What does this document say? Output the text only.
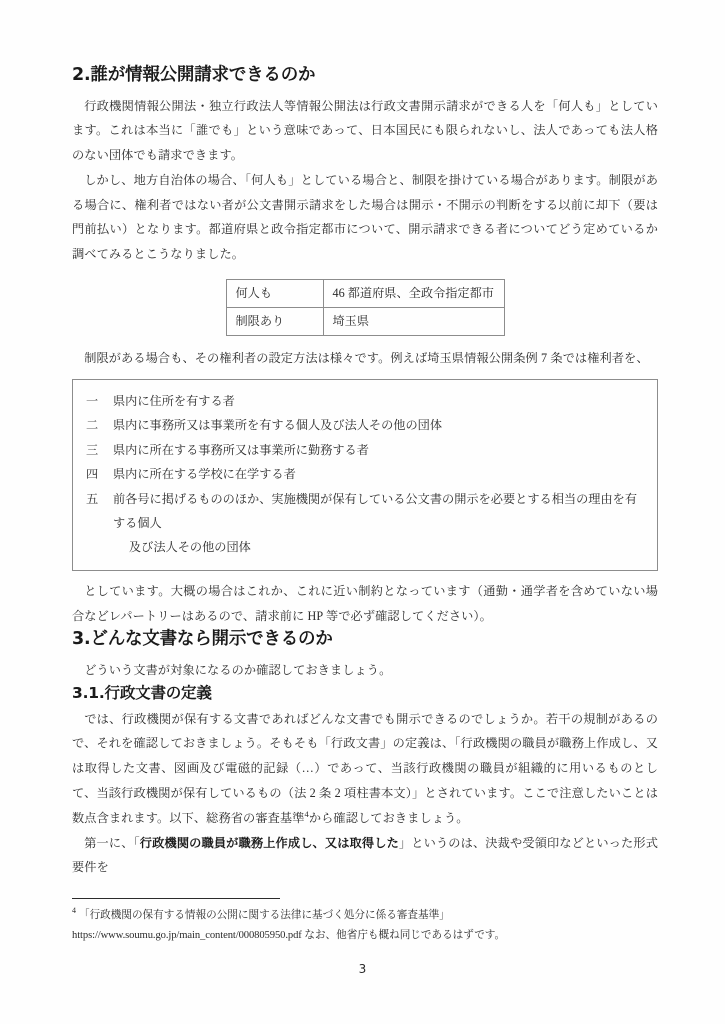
2.誰が情報公開請求できるのか

行政機関情報公開法・独立行政法人等情報公開法は行政文書開示請求ができる人を「何人も」としています。これは本当に「誰でも」という意味であって、日本国民にも限られないし、法人であっても法人格のない団体でも請求できます。

しかし、地方自治体の場合、「何人も」としている場合と、制限を掛けている場合があります。制限がある場合に、権利者ではない者が公文書開示請求をした場合は開示・不開示の判断をする以前に却下（要は門前払い）となります。都道府県と政令指定都市について、開示請求できる者についてどう定めているか調べてみるとこうなりました。

何人も	46 都道府県、全政令指定都市
制限あり	埼玉県

制限がある場合も、その権利者の設定方法は様々です。例えば埼玉県情報公開条例 7 条では権利者を、

一	県内に住所を有する者
二	県内に事務所又は事業所を有する個人及び法人その他の団体
三	県内に所在する事務所又は事業所に勤務する者
四	県内に所在する学校に在学する者
五	前各号に掲げるもののほか、実施機関が保有している公文書の開示を必要とする相当の理由を有する個人
及び法人その他の団体

としています。大概の場合はこれか、これに近い制約となっています（通勤・通学者を含めていない場合などレパートリーはあるので、請求前に HP 等で必ず確認してください）。

3.どんな文書なら開示できるのか

どういう文書が対象になるのか確認しておきましょう。

3.1.行政文書の定義

では、行政機関が保有する文書であればどんな文書でも開示できるのでしょうか。若干の規制があるので、それを確認しておきましょう。そもそも「行政文書」の定義は、「行政機関の職員が職務上作成し、又は取得した文書、図画及び電磁的記録（…）であって、当該行政機関の職員が組織的に用いるものとして、当該行政機関が保有しているもの（法 2 条 2 項柱書本文）」とされています。ここで注意したいことは数点含まれます。以下、総務省の審査基準$^4$から確認しておきましょう。

第一に、「行政機関の職員が職務上作成し、又は取得した」というのは、決裁や受領印などといった形式要件を

$^4$ 「行政機関の保有する情報の公開に関する法律に基づく処分に係る審査基準」
https://www.soumu.go.jp/main_content/000805950.pdf なお、他省庁も概ね同じであるはずです。
3
